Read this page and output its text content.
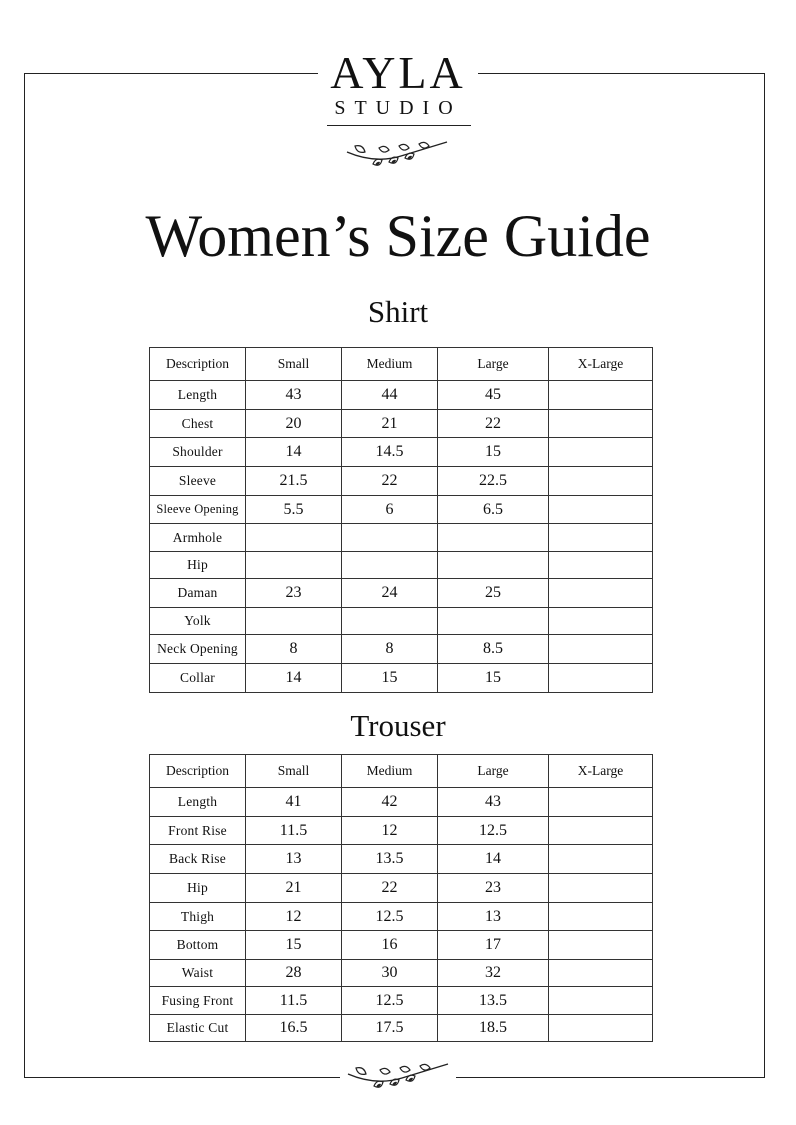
AYLA
STUDIO
Women’s Size Guide
Shirt
Description	Small	Medium	Large	X-Large
Length	43	44	45	
Chest	20	21	22	
Shoulder	14	14.5	15	
Sleeve	21.5	22	22.5	
Sleeve Opening	5.5	6	6.5	
Armhole				
Hip				
Daman	23	24	25	
Yolk				
Neck Opening	8	8	8.5	
Collar	14	15	15	
Trouser
Description	Small	Medium	Large	X-Large
Length	41	42	43	
Front Rise	11.5	12	12.5	
Back Rise	13	13.5	14	
Hip	21	22	23	
Thigh	12	12.5	13	
Bottom	15	16	17	
Waist	28	30	32	
Fusing Front	11.5	12.5	13.5	
Elastic Cut	16.5	17.5	18.5	
